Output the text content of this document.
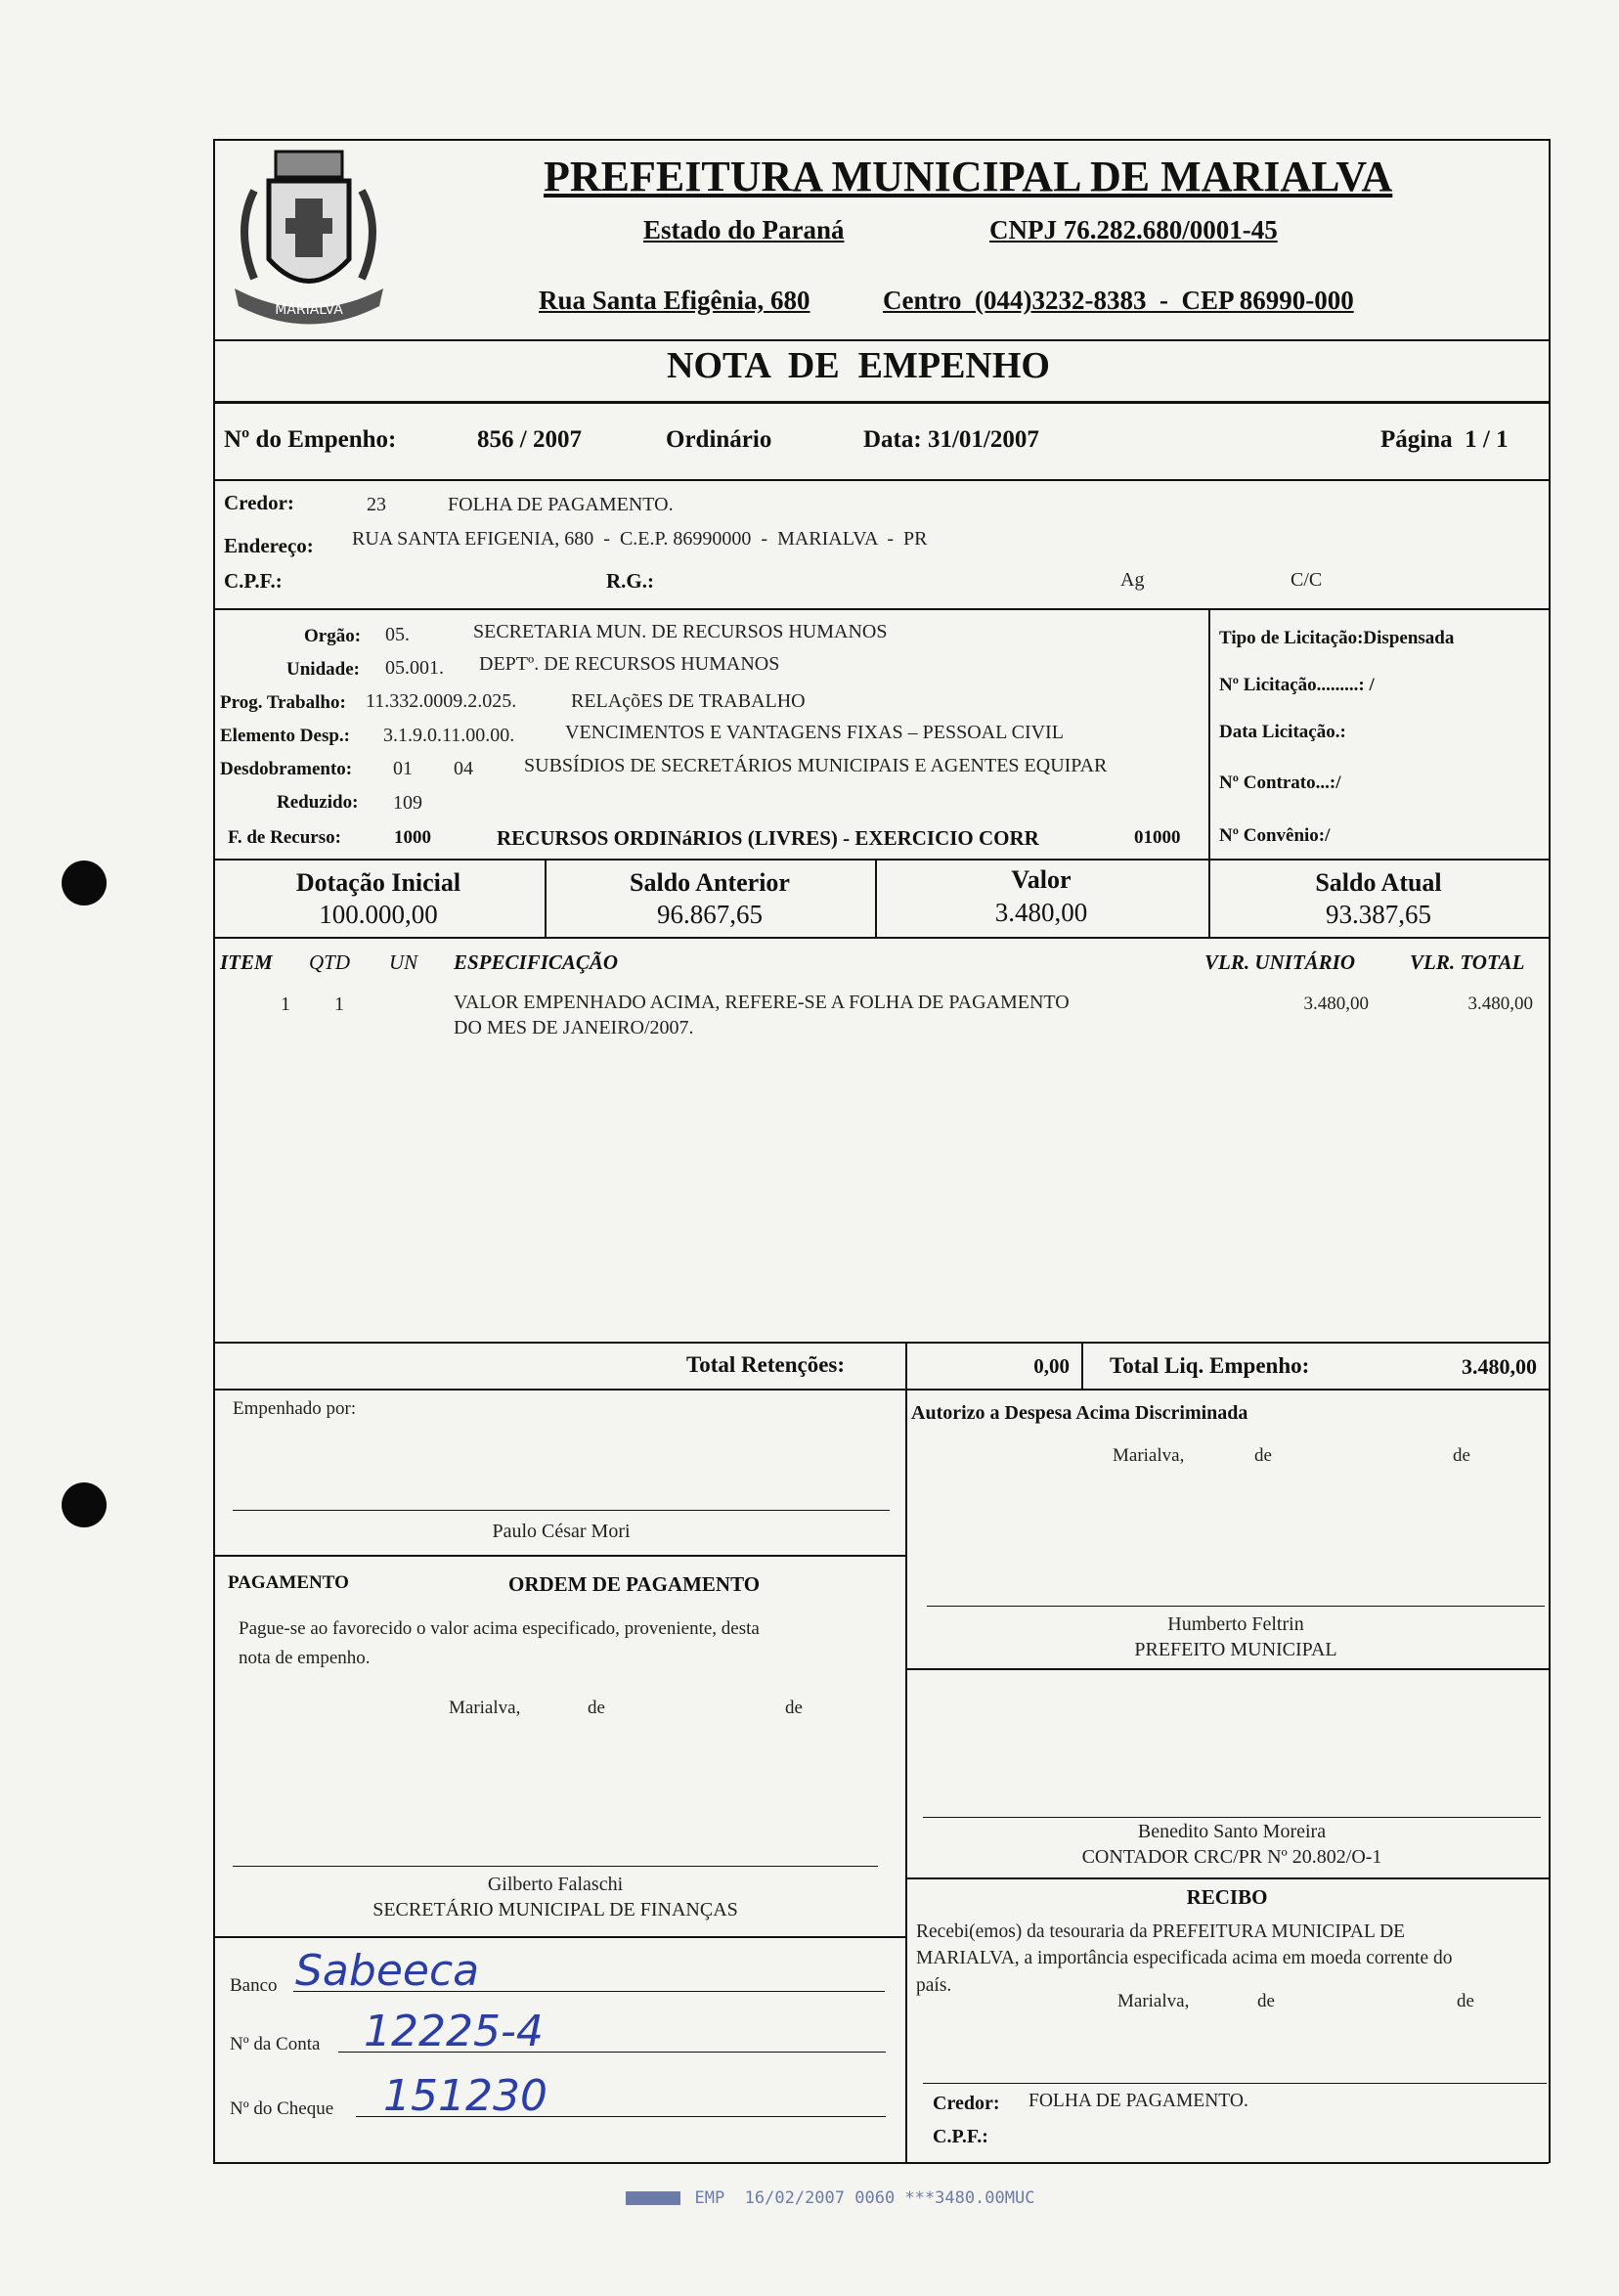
MARIALVA
PREFEITURA MUNICIPAL DE MARIALVA
Estado do Paraná	CNPJ 76.282.680/0001-45
Rua Santa Efigênia, 680	Centro  (044)3232-8383  -  CEP 86990-000
NOTA  DE  EMPENHO
Nº do Empenho:	856 / 2007	Ordinário	Data: 31/01/2007	Página  1 / 1
Credor:	23	FOLHA DE PAGAMENTO.
Endereço: RUA SANTA EFIGENIA, 680  -  C.E.P. 86990000  -  MARIALVA  -  PR
C.P.F.:	R.G.:	Ag	C/C
Orgão: 05.	SECRETARIA MUN. DE RECURSOS HUMANOS
Unidade: 05.001. DEPTº. DE RECURSOS HUMANOS
Prog. Trabalho: 11.332.0009.2.025.	RELAçõES DE TRABALHO
Elemento Desp.: 3.1.9.0.11.00.00.	VENCIMENTOS E VANTAGENS FIXAS – PESSOAL CIVIL
Desdobramento: 01 04	SUBSÍDIOS DE SECRETÁRIOS MUNICIPAIS E AGENTES EQUIPAR
Reduzido: 109
F. de Recurso:	1000	RECURSOS ORDINáRIOS (LIVRES) - EXERCICIO CORR	01000
Tipo de Licitação:Dispensada
Nº Licitação.........: /
Data Licitação.:
Nº Contrato...:/
Nº Convênio:/
Dotação Inicial
100.000,00
Saldo Anterior
96.867,65
Valor
3.480,00
Saldo Atual
93.387,65
ITEM QTD UN ESPECIFICAÇÃO	VLR. UNITÁRIO	VLR. TOTAL
1 1	VALOR EMPENHADO ACIMA, REFERE-SE A FOLHA DE PAGAMENTO
DO MES DE JANEIRO/2007.
3.480,00	3.480,00
Total Retenções:	0,00 Total Liq. Empenho:	3.480,00
Empenhado por:
Paulo César Mori
PAGAMENTO	ORDEM DE PAGAMENTO
Pague-se ao favorecido o valor acima especificado, proveniente, desta
nota de empenho.
Marialva,	de	de
Gilberto Falaschi
SECRETÁRIO MUNICIPAL DE FINANÇAS
Banco Sabeeca
Nº da Conta 12225-4
Nº do Cheque 151230
Autorizo a Despesa Acima Discriminada
Marialva,	de	de
Humberto Feltrin
PREFEITO MUNICIPAL
Benedito Santo Moreira
CONTADOR CRC/PR Nº 20.802/O-1
RECIBO
Recebi(emos) da tesouraria da PREFEITURA MUNICIPAL DE
MARIALVA, a importância especificada acima em moeda corrente do
país.
Marialva,	de	de
Credor: FOLHA DE PAGAMENTO.
C.P.F.:

EMP  16/02/2007 0060 ***3480.00MUC
